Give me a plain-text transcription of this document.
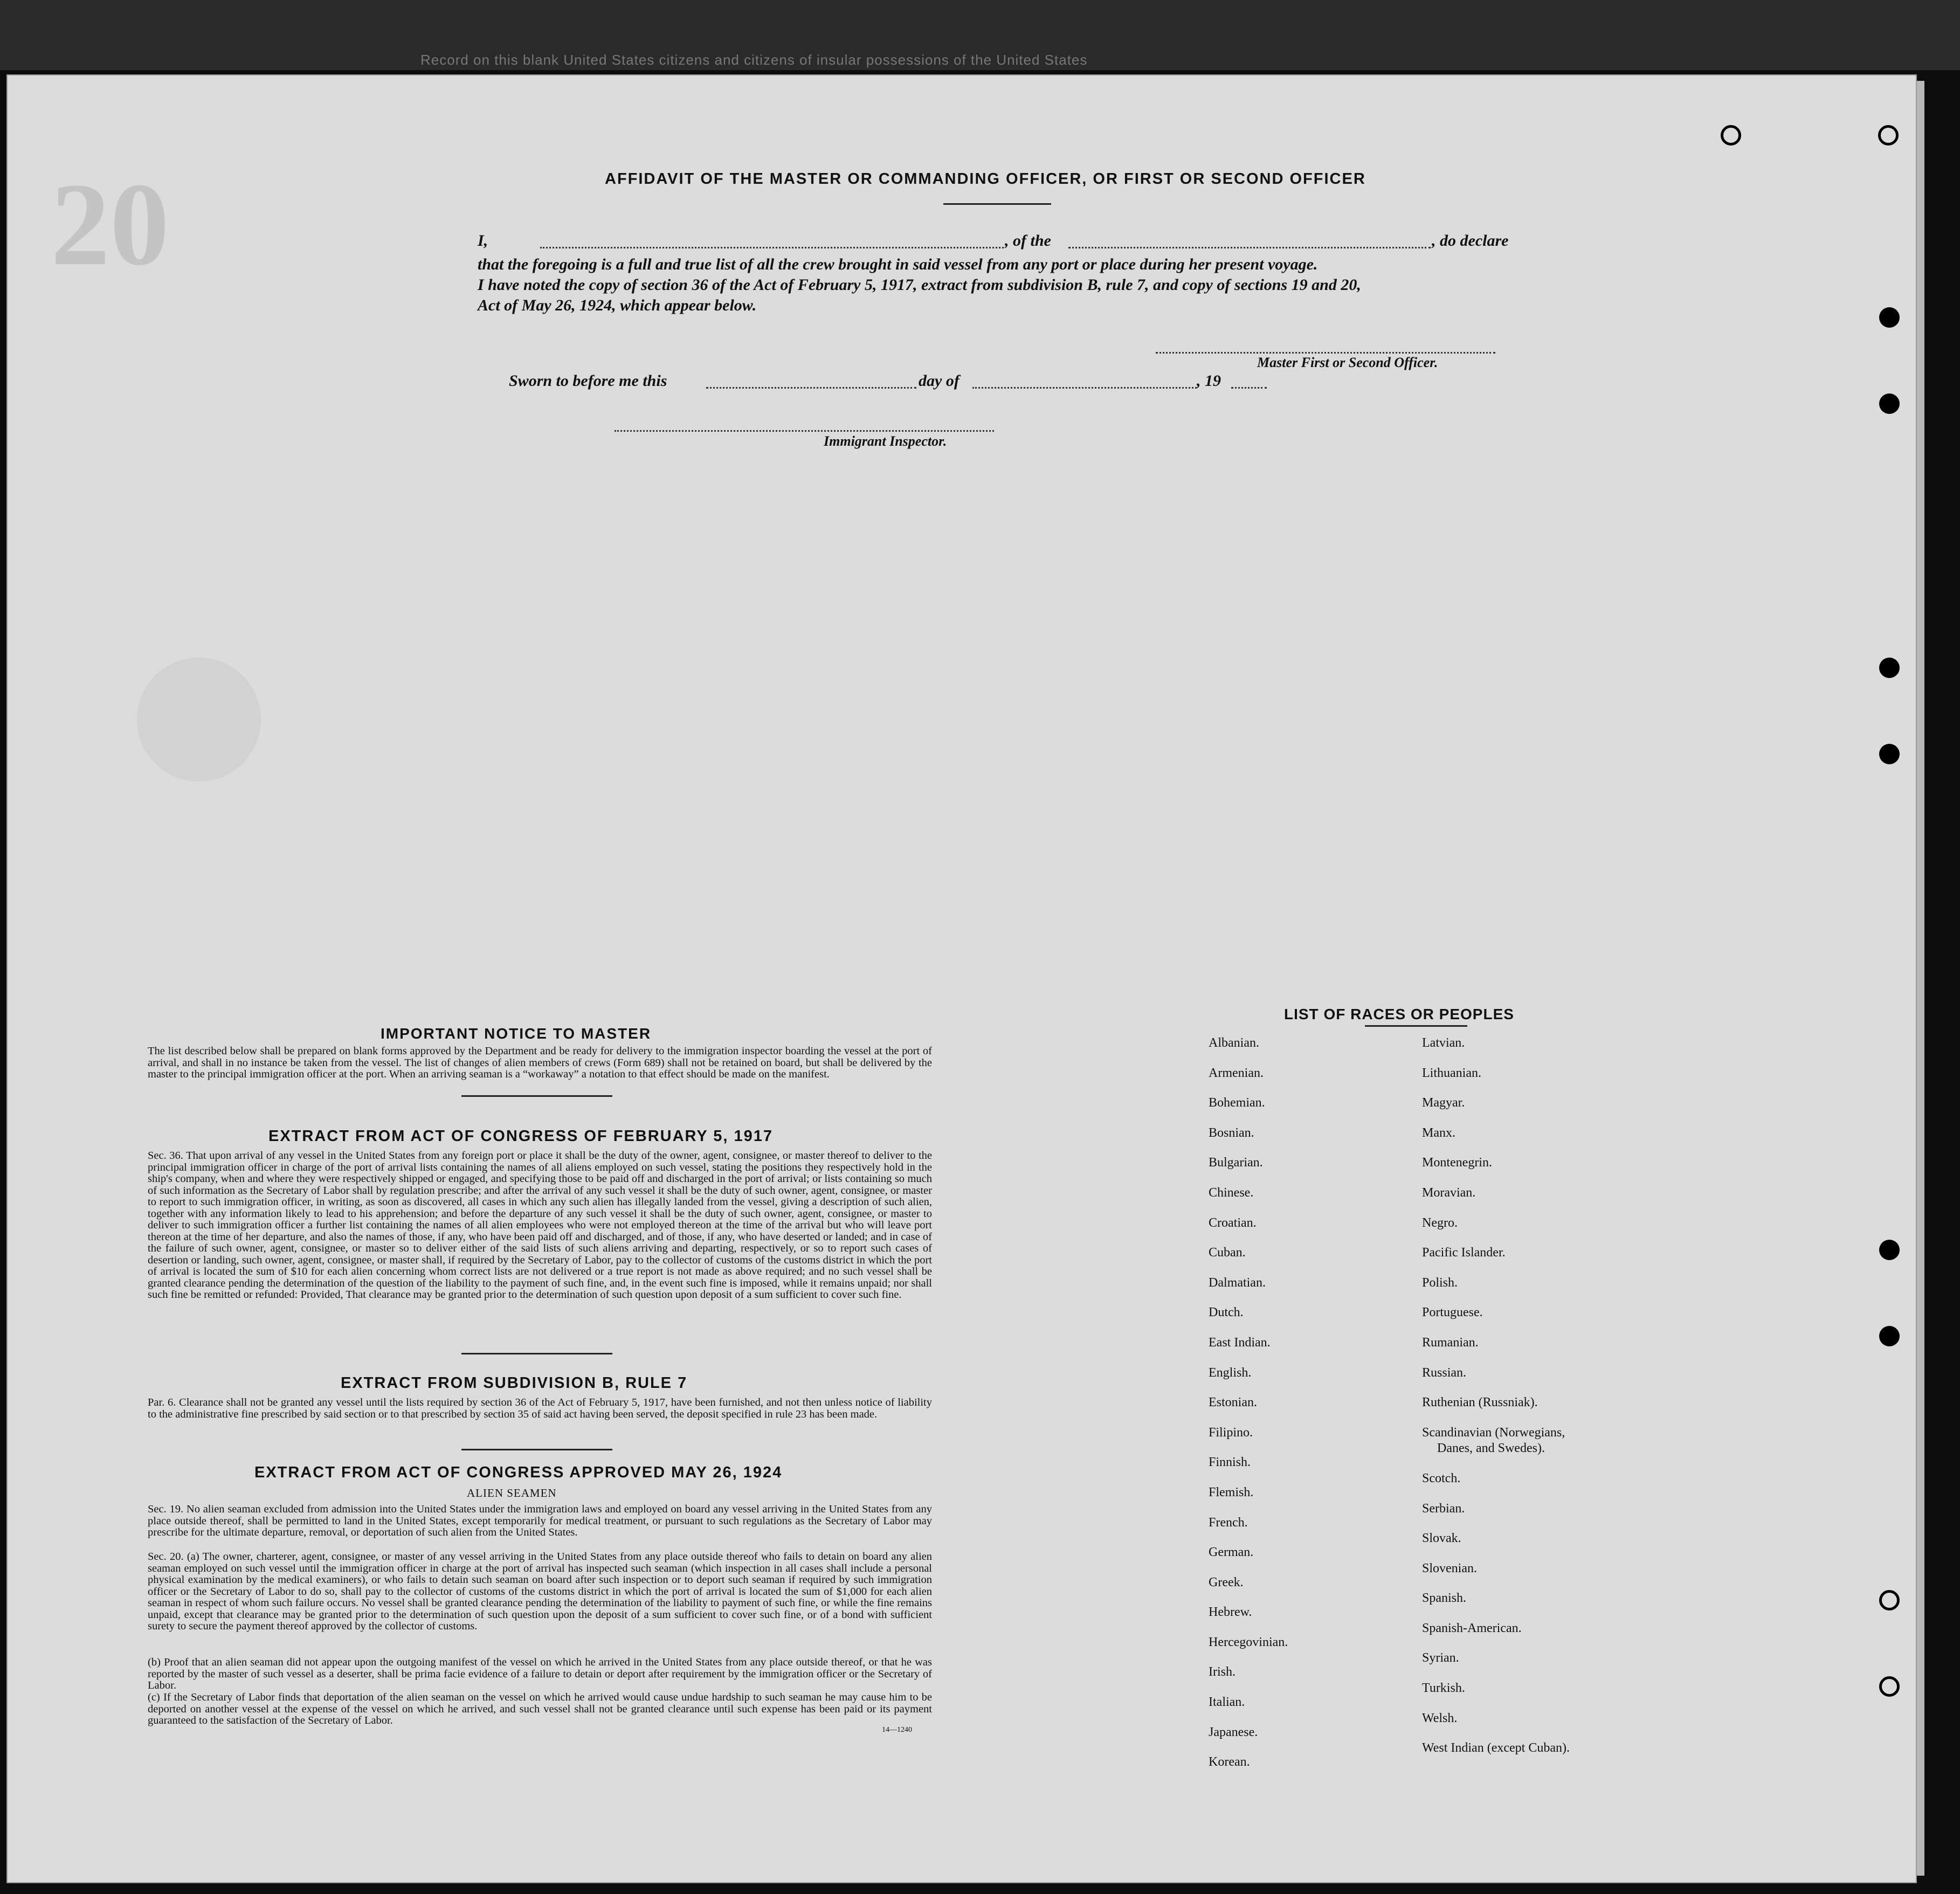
Record on this blank United States citizens and citizens of insular possessions of the United States
20	AFFIDAVIT OF THE MASTER OR COMMANDING OFFICER, OR FIRST OR SECOND OFFICER
I,	, of the	, do declare
that the foregoing is a full and true list of all the crew brought in said vessel from any port or place during her present voyage.
I have noted the copy of section 36 of the Act of February 5, 1917, extract from subdivision B, rule 7, and copy of sections 19 and 20,
Act of May 26, 1924, which appear below.
Master First or Second Officer.
Sworn to before me this	day of	, 19
Immigrant Inspector.
IMPORTANT NOTICE TO MASTER
The list described below shall be prepared on blank forms approved by the Department and be ready for delivery to the immigration inspector boarding the vessel at the port of arrival, and shall in no instance be taken from the vessel. The list of changes of alien members of crews (Form 689) shall not be retained on board, but shall be delivered by the master to the principal immigration officer at the port. When an arriving seaman is a “workaway” a notation to that effect should be made on the manifest.
EXTRACT FROM ACT OF CONGRESS OF FEBRUARY 5, 1917
Sec. 36. That upon arrival of any vessel in the United States from any foreign port or place it shall be the duty of the owner, agent, consignee, or master thereof to deliver to the principal immigration officer in charge of the port of arrival lists containing the names of all aliens employed on such vessel, stating the positions they respectively hold in the ship's company, when and where they were respectively shipped or engaged, and specifying those to be paid off and discharged in the port of arrival; or lists containing so much of such information as the Secretary of Labor shall by regulation prescribe; and after the arrival of any such vessel it shall be the duty of such owner, agent, consignee, or master to report to such immigration officer, in writing, as soon as discovered, all cases in which any such alien has illegally landed from the vessel, giving a description of such alien, together with any information likely to lead to his apprehension; and before the departure of any such vessel it shall be the duty of such owner, agent, consignee, or master to deliver to such immigration officer a further list containing the names of all alien employees who were not employed thereon at the time of the arrival but who will leave port thereon at the time of her departure, and also the names of those, if any, who have been paid off and discharged, and of those, if any, who have deserted or landed; and in case of the failure of such owner, agent, consignee, or master so to deliver either of the said lists of such aliens arriving and departing, respectively, or so to report such cases of desertion or landing, such owner, agent, consignee, or master shall, if required by the Secretary of Labor, pay to the collector of customs of the customs district in which the port of arrival is located the sum of $10 for each alien concerning whom correct lists are not delivered or a true report is not made as above required; and no such vessel shall be granted clearance pending the determination of the question of the liability to the payment of such fine, and, in the event such fine is imposed, while it remains unpaid; nor shall such fine be remitted or refunded: Provided, That clearance may be granted prior to the determination of such question upon deposit of a sum sufficient to cover such fine.
EXTRACT FROM SUBDIVISION B, RULE 7
Par. 6. Clearance shall not be granted any vessel until the lists required by section 36 of the Act of February 5, 1917, have been furnished, and not then unless notice of liability to the administrative fine prescribed by said section or to that prescribed by section 35 of said act having been served, the deposit specified in rule 23 has been made.
EXTRACT FROM ACT OF CONGRESS APPROVED MAY 26, 1924
ALIEN SEAMEN
Sec. 19. No alien seaman excluded from admission into the United States under the immigration laws and employed on board any vessel arriving in the United States from any place outside thereof, shall be permitted to land in the United States, except temporarily for medical treatment, or pursuant to such regulations as the Secretary of Labor may prescribe for the ultimate departure, removal, or deportation of such alien from the United States.
Sec. 20. (a) The owner, charterer, agent, consignee, or master of any vessel arriving in the United States from any place outside thereof who fails to detain on board any alien seaman employed on such vessel until the immigration officer in charge at the port of arrival has inspected such seaman (which inspection in all cases shall include a personal physical examination by the medical examiners), or who fails to detain such seaman on board after such inspection or to deport such seaman if required by such immigration officer or the Secretary of Labor to do so, shall pay to the collector of customs of the customs district in which the port of arrival is located the sum of $1,000 for each alien seaman in respect of whom such failure occurs. No vessel shall be granted clearance pending the determination of the liability to payment of such fine, or while the fine remains unpaid, except that clearance may be granted prior to the determination of such question upon the deposit of a sum sufficient to cover such fine, or of a bond with sufficient surety to secure the payment thereof approved by the collector of customs.
(b) Proof that an alien seaman did not appear upon the outgoing manifest of the vessel on which he arrived in the United States from any place outside thereof, or that he was reported by the master of such vessel as a deserter, shall be prima facie evidence of a failure to detain or deport after requirement by the immigration officer or the Secretary of Labor.
(c) If the Secretary of Labor finds that deportation of the alien seaman on the vessel on which he arrived would cause undue hardship to such seaman he may cause him to be deported on another vessel at the expense of the vessel on which he arrived, and such vessel shall not be granted clearance until such expense has been paid or its payment guaranteed to the satisfaction of the Secretary of Labor.
14—1240
LIST OF RACES OR PEOPLES
Albanian.
Armenian.
Bohemian.
Bosnian.
Bulgarian.
Chinese.
Croatian.
Cuban.
Dalmatian.
Dutch.
East Indian.
English.
Estonian.
Filipino.
Finnish.
Flemish.
French.
German.
Greek.
Hebrew.
Hercegovinian.
Irish.
Italian.
Japanese.
Korean.
Latvian.
Lithuanian.
Magyar.
Manx.
Montenegrin.
Moravian.
Negro.
Pacific Islander.
Polish.
Portuguese.
Rumanian.
Russian.
Ruthenian (Russniak).
Scandinavian (Norwegians,
Danes, and Swedes).
Scotch.
Serbian.
Slovak.
Slovenian.
Spanish.
Spanish-American.
Syrian.
Turkish.
Welsh.
West Indian (except Cuban).
